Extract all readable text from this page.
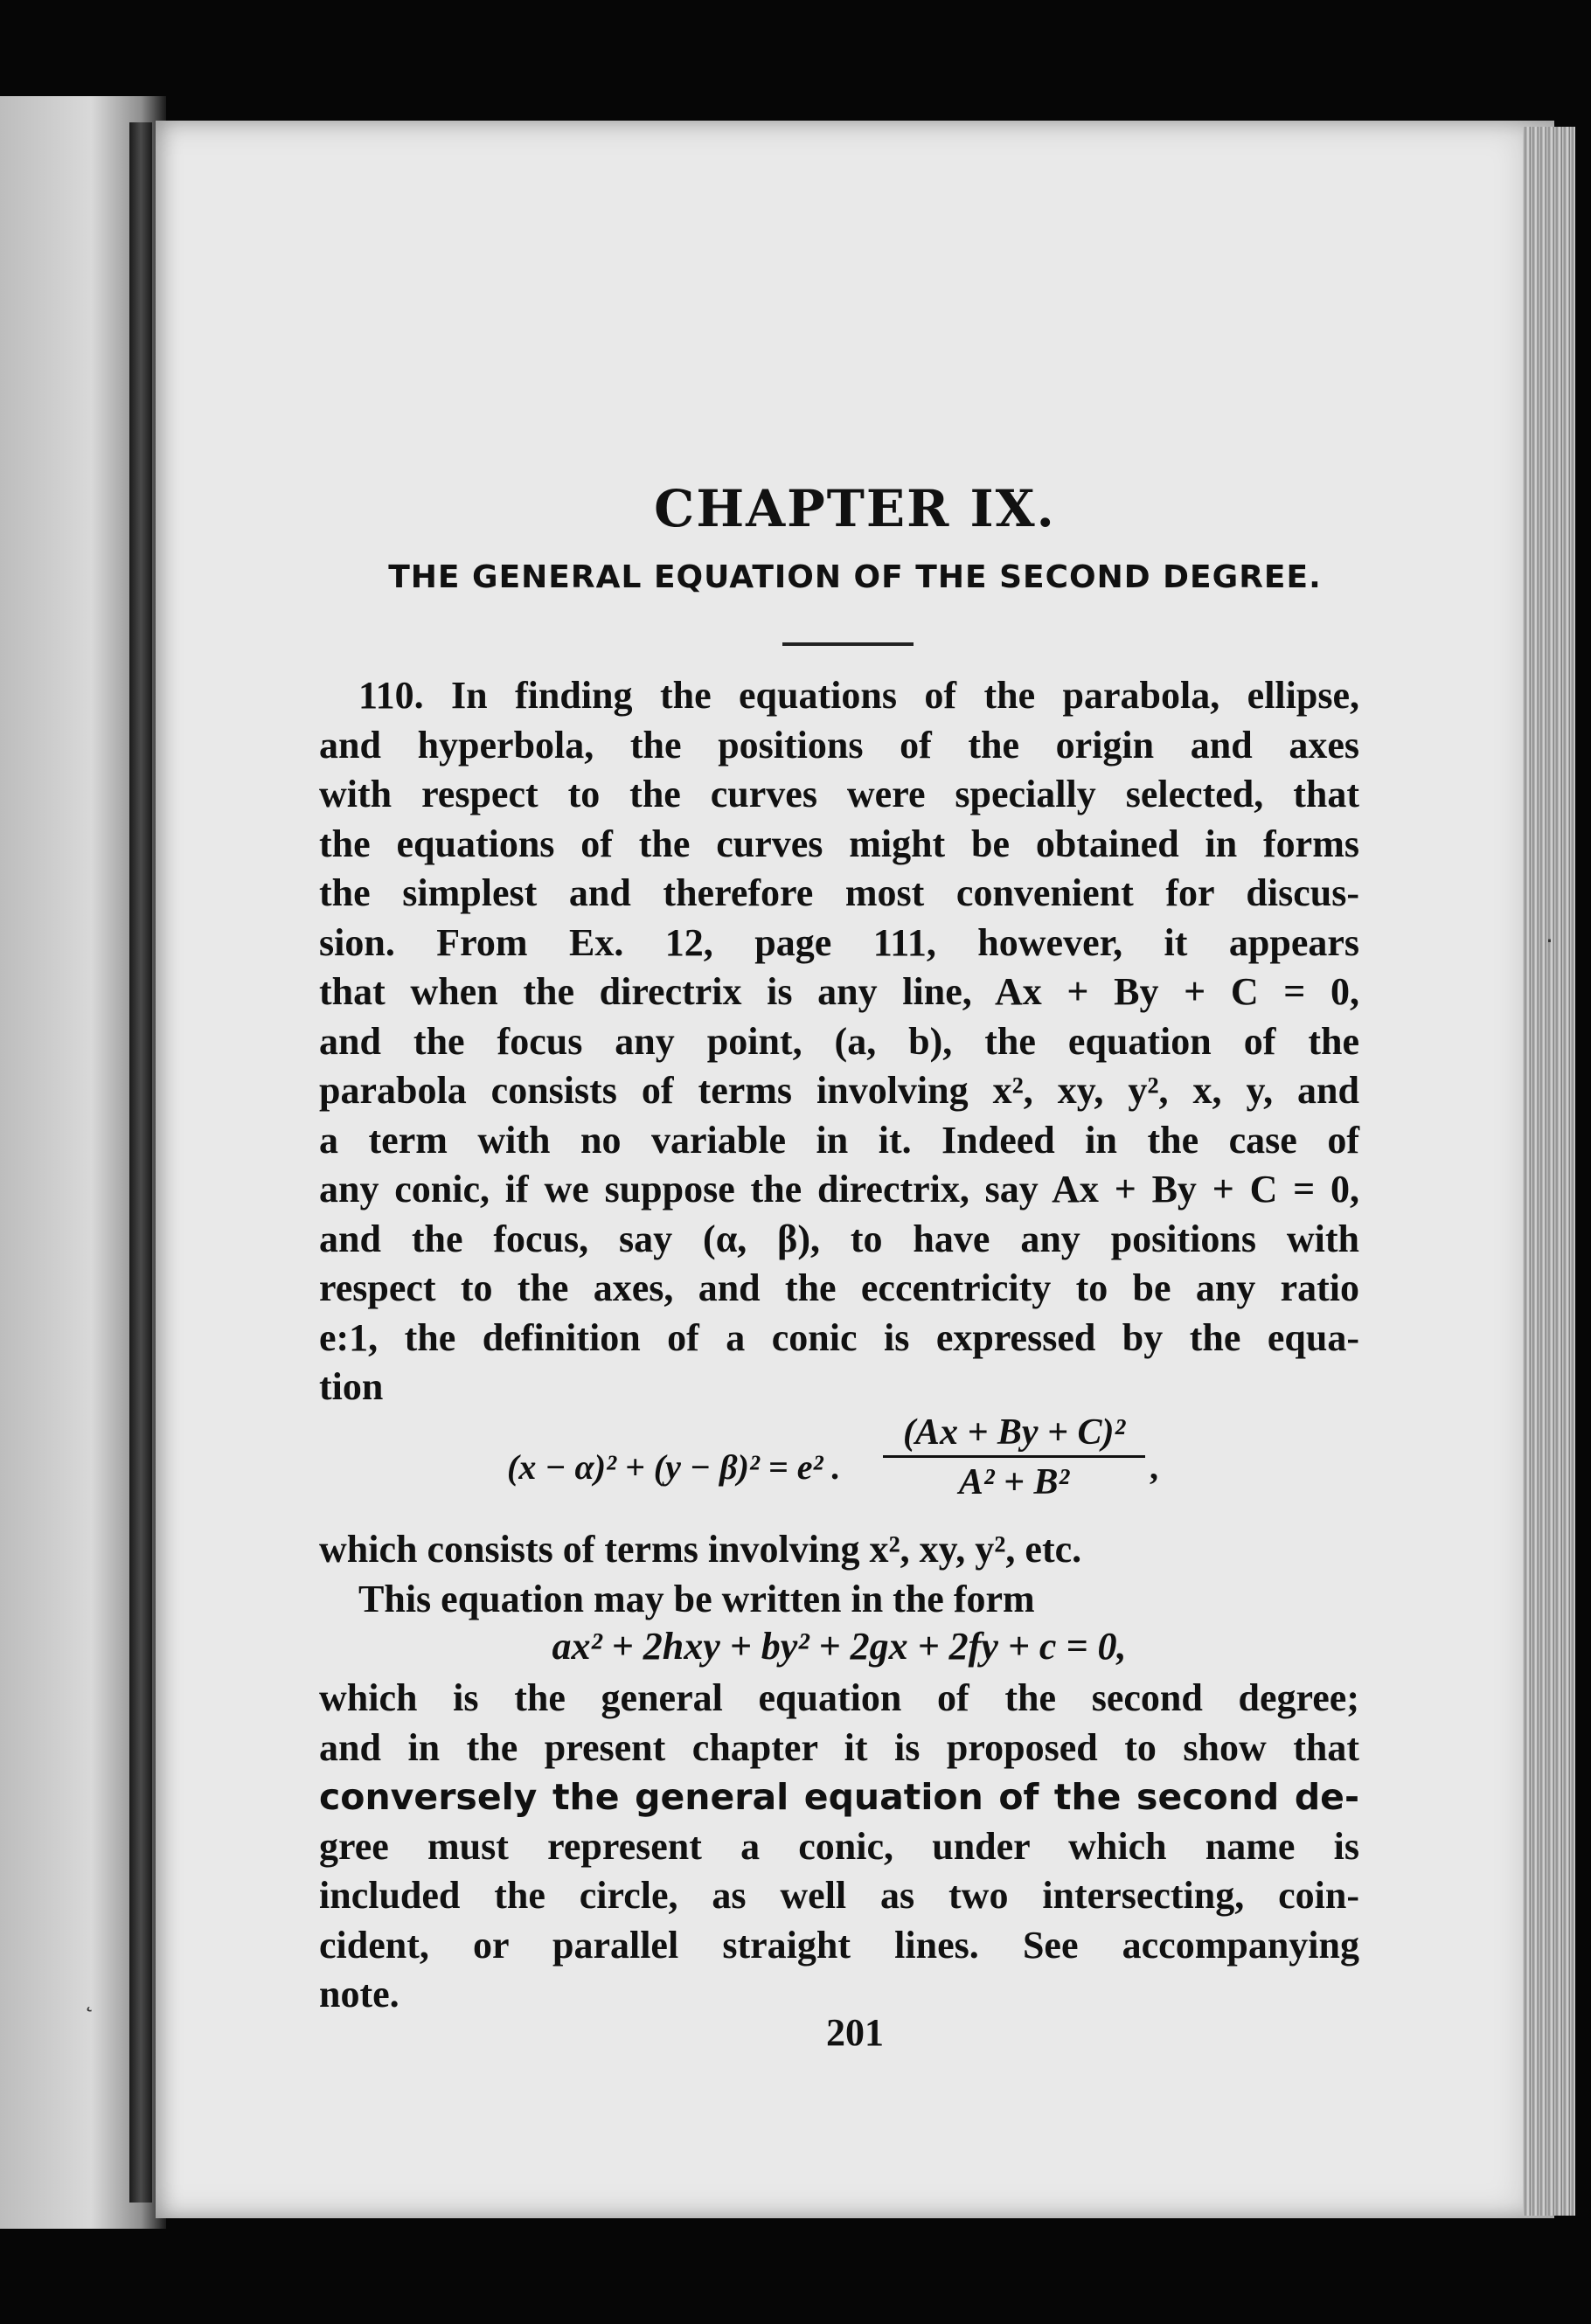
CHAPTER IX.
THE GENERAL EQUATION OF THE SECOND DEGREE.
110. In finding the equations of the parabola, ellipse,
and hyperbola, the positions of the origin and axes
with respect to the curves were specially selected, that
the equations of the curves might be obtained in forms
the simplest and therefore most convenient for discus-
sion. From Ex. 12, page 111, however, it appears
that when the directrix is any line, Ax + By + C = 0,
and the focus any point, (a, b), the equation of the
parabola consists of terms involving x², xy, y², x, y, and
a term with no variable in it. Indeed in the case of
any conic, if we suppose the directrix, say Ax + By + C = 0,
and the focus, say (α, β), to have any positions with
respect to the axes, and the eccentricity to be any ratio
e:1, the definition of a conic is expressed by the equa-
tion
(x − α)² + (y − β)² = e² .
(Ax + By + C)²
A² + B²	,
which consists of terms involving x², xy, y², etc.
This equation may be written in the form
ax² + 2hxy + by² + 2gx + 2fy + c = 0,
which is the general equation of the second degree;
and in the present chapter it is proposed to show that
conversely the general equation of the second de-
gree must represent a conic, under which name is
included the circle, as well as two intersecting, coin-
cident, or parallel straight lines. See accompanying
note.
201
·
˛
